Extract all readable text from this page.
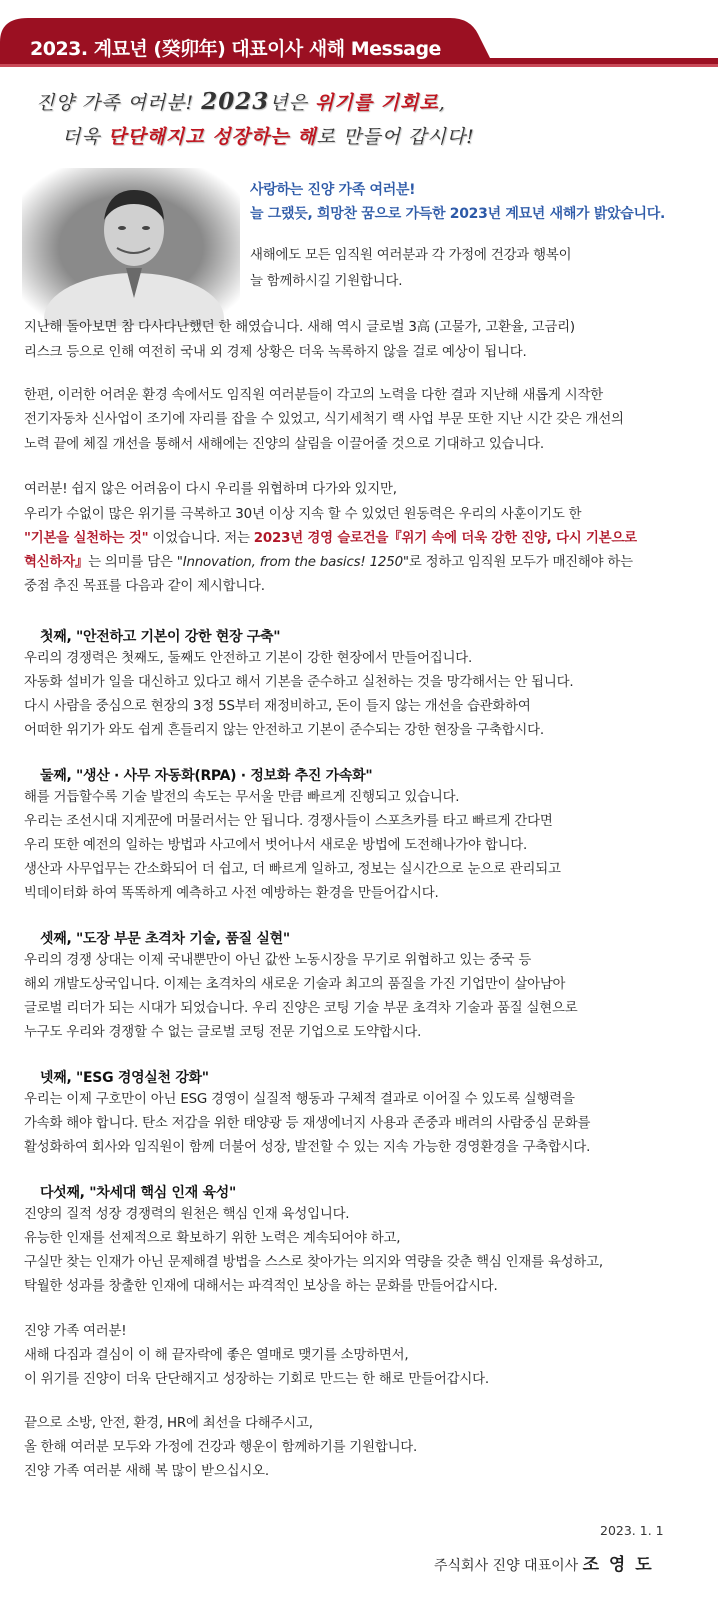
2023. 계묘년 (癸卯年) 대표이사 새해 Message
진양 가족 여러분! 2023년은 위기를 기회로,
더욱 단단해지고 성장하는 해로 만들어 갑시다!
사랑하는 진양 가족 여러분!
늘 그랬듯, 희망찬 꿈으로 가득한 2023년 계묘년 새해가 밝았습니다.
새해에도 모든 임직원 여러분과 각 가정에 건강과 행복이
늘 함께하시길 기원합니다.
지난해 돌아보면 참 다사다난했던 한 해였습니다. 새해 역시 글로벌 3高 (고물가, 고환율, 고금리)
리스크 등으로 인해 여전히 국내 외 경제 상황은 더욱 녹록하지 않을 걸로 예상이 됩니다.
한편, 이러한 어려운 환경 속에서도 임직원 여러분들이 각고의 노력을 다한 결과 지난해 새롭게 시작한
전기자동차 신사업이 조기에 자리를 잡을 수 있었고, 식기세척기 랙 사업 부문 또한 지난 시간 갖은 개선의
노력 끝에 체질 개선을 통해서 새해에는 진양의 살림을 이끌어줄 것으로 기대하고 있습니다.
여러분! 쉽지 않은 어려움이 다시 우리를 위협하며 다가와 있지만,
우리가 수없이 많은 위기를 극복하고 30년 이상 지속 할 수 있었던 원동력은 우리의 사훈이기도 한
"기본을 실천하는 것" 이었습니다. 저는 2023년 경영 슬로건을『위기 속에 더욱 강한 진양, 다시 기본으로
혁신하자』는 의미를 담은 "Innovation, from the basics! 1250"로 정하고 임직원 모두가 매진해야 하는
중점 추진 목표를 다음과 같이 제시합니다.
첫째, "안전하고 기본이 강한 현장 구축"
우리의 경쟁력은 첫째도, 둘째도 안전하고 기본이 강한 현장에서 만들어집니다.
자동화 설비가 일을 대신하고 있다고 해서 기본을 준수하고 실천하는 것을 망각해서는 안 됩니다.
다시 사람을 중심으로 현장의 3정 5S부터 재정비하고, 돈이 들지 않는 개선을 습관화하여
어떠한 위기가 와도 쉽게 흔들리지 않는 안전하고 기본이 준수되는 강한 현장을 구축합시다.
둘째, "생산 · 사무 자동화(RPA) · 정보화 추진 가속화"
해를 거듭할수록 기술 발전의 속도는 무서울 만큼 빠르게 진행되고 있습니다.
우리는 조선시대 지게꾼에 머물러서는 안 됩니다. 경쟁사들이 스포츠카를 타고 빠르게 간다면
우리 또한 예전의 일하는 방법과 사고에서 벗어나서 새로운 방법에 도전해나가야 합니다.
생산과 사무업무는 간소화되어 더 쉽고, 더 빠르게 일하고, 정보는 실시간으로 눈으로 관리되고
빅데이터화 하여 똑똑하게 예측하고 사전 예방하는 환경을 만들어갑시다.
셋째, "도장 부문 초격차 기술, 품질 실현"
우리의 경쟁 상대는 이제 국내뿐만이 아닌 값싼 노동시장을 무기로 위협하고 있는 중국 등
해외 개발도상국입니다. 이제는 초격차의 새로운 기술과 최고의 품질을 가진 기업만이 살아남아
글로벌 리더가 되는 시대가 되었습니다. 우리 진양은 코팅 기술 부문 초격차 기술과 품질 실현으로
누구도 우리와 경쟁할 수 없는 글로벌 코팅 전문 기업으로 도약합시다.
넷째, "ESG 경영실천 강화"
우리는 이제 구호만이 아닌 ESG 경영이 실질적 행동과 구체적 결과로 이어질 수 있도록 실행력을
가속화 해야 합니다. 탄소 저감을 위한 태양광 등 재생에너지 사용과 존중과 배려의 사람중심 문화를
활성화하여 회사와 임직원이 함께 더불어 성장, 발전할 수 있는 지속 가능한 경영환경을 구축합시다.
다섯째, "차세대 핵심 인재 육성"
진양의 질적 성장 경쟁력의 원천은 핵심 인재 육성입니다.
유능한 인재를 선제적으로 확보하기 위한 노력은 계속되어야 하고,
구실만 찾는 인재가 아닌 문제해결 방법을 스스로 찾아가는 의지와 역량을 갖춘 핵심 인재를 육성하고,
탁월한 성과를 창출한 인재에 대해서는 파격적인 보상을 하는 문화를 만들어갑시다.
진양 가족 여러분!
새해 다짐과 결심이 이 해 끝자락에 좋은 열매로 맺기를 소망하면서,
이 위기를 진양이 더욱 단단해지고 성장하는 기회로 만드는 한 해로 만들어갑시다.
끝으로 소방, 안전, 환경, HR에 최선을 다해주시고,
올 한해 여러분 모두와 가정에 건강과 행운이 함께하기를 기원합니다.
진양 가족 여러분 새해 복 많이 받으십시오.
2023. 1. 1
주식회사 진양 대표이사 조 영 도
